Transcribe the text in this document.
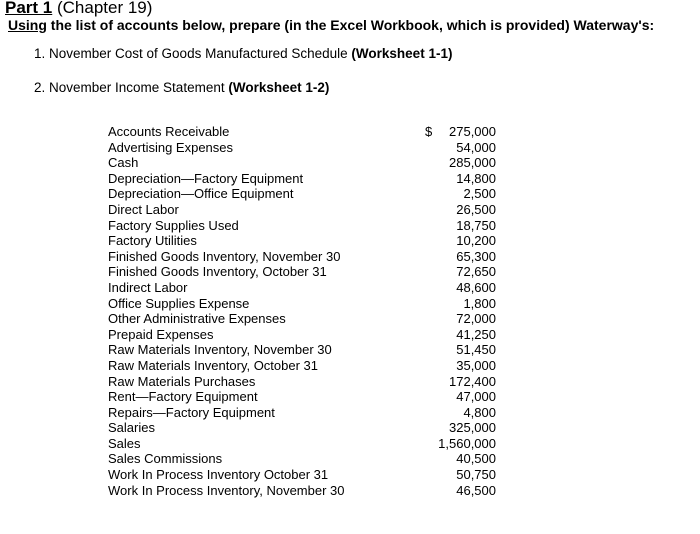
Part 1 (Chapter 19)
Using the list of accounts below, prepare (in the Excel Workbook, which is provided) Waterway's:
1. November Cost of Goods Manufactured Schedule (Worksheet 1-1)
2. November Income Statement (Worksheet 1-2)
Accounts Receivable	$ 275,000
Advertising Expenses	54,000
Cash	285,000
Depreciation—Factory Equipment	14,800
Depreciation—Office Equipment	2,500
Direct Labor	26,500
Factory Supplies Used	18,750
Factory Utilities	10,200
Finished Goods Inventory, November 30	65,300
Finished Goods Inventory, October 31	72,650
Indirect Labor	48,600
Office Supplies Expense	1,800
Other Administrative Expenses	72,000
Prepaid Expenses	41,250
Raw Materials Inventory, November 30	51,450
Raw Materials Inventory, October 31	35,000
Raw Materials Purchases	172,400
Rent—Factory Equipment	47,000
Repairs—Factory Equipment	4,800
Salaries	325,000
Sales	1,560,000
Sales Commissions	40,500
Work In Process Inventory October 31	50,750
Work In Process Inventory, November 30	46,500
